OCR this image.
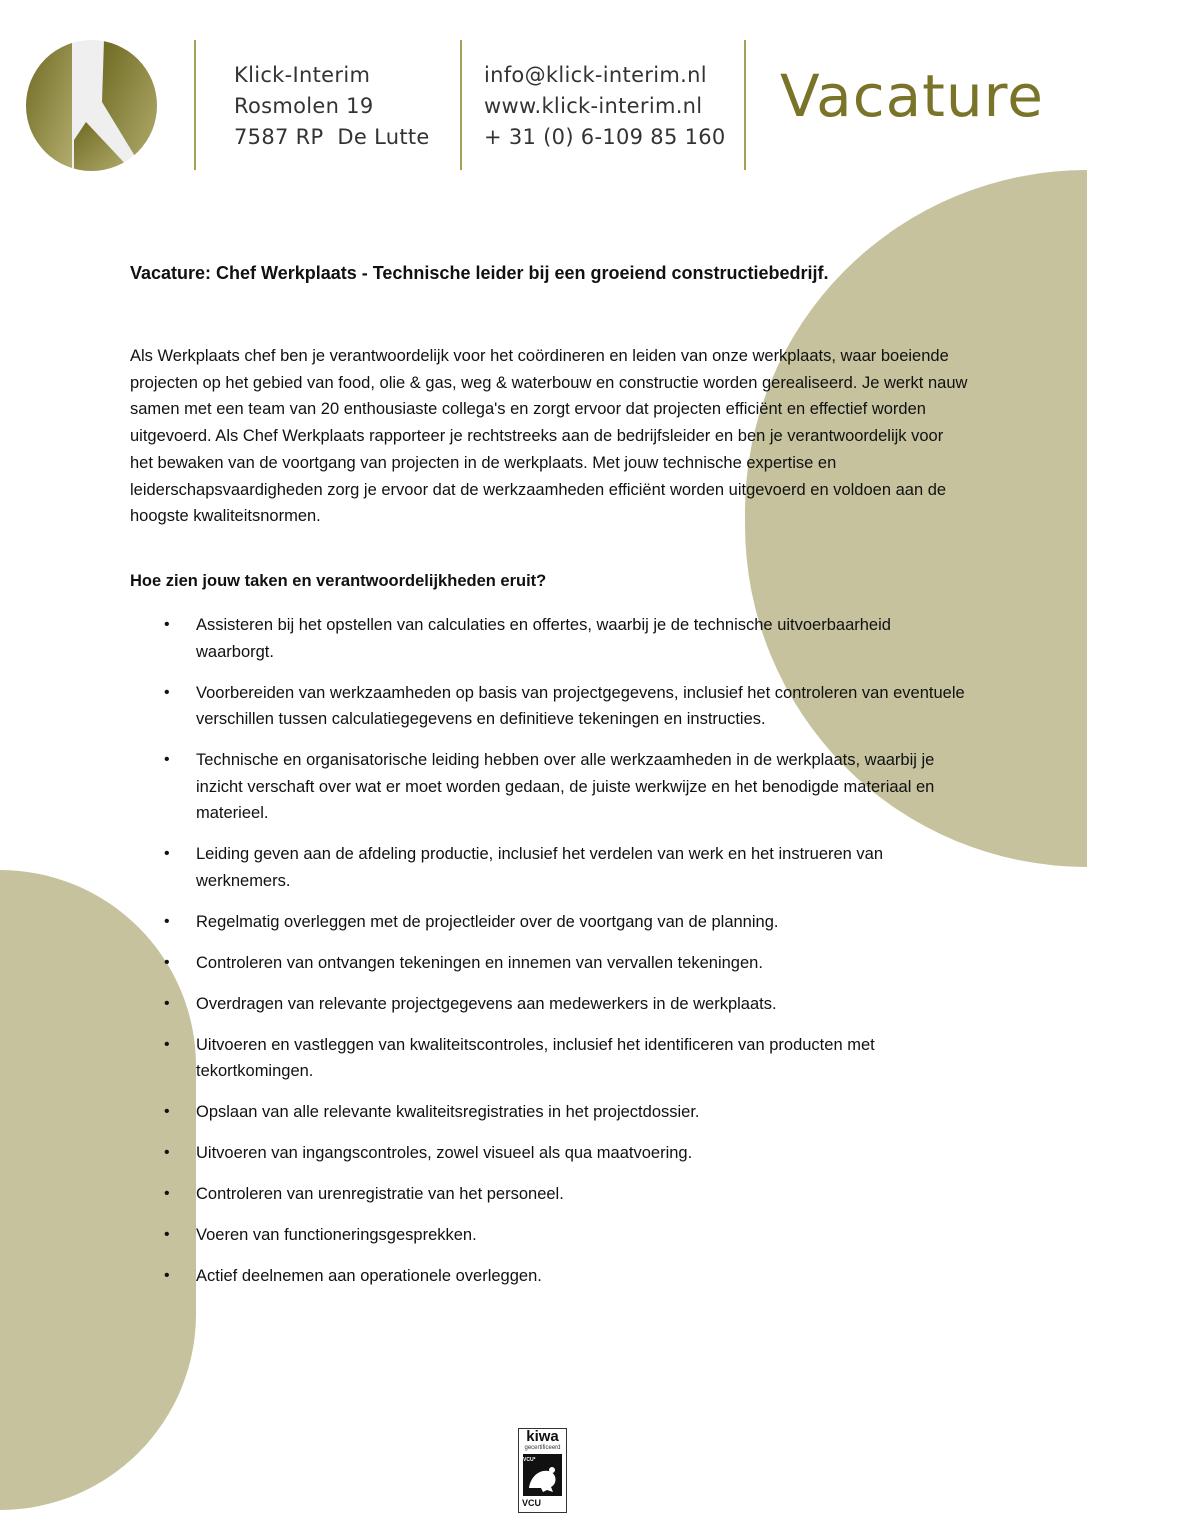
Klick-Interim
Rosmolen 19
7587 RP  De Lutte
info@klick-interim.nl
www.klick-interim.nl
+ 31 (0) 6-109 85 160
Vacature
Vacature: Chef Werkplaats - Technische leider bij een groeiend constructiebedrijf.
Als Werkplaats chef ben je verantwoordelijk voor het coördineren en leiden van onze werkplaats, waar boeiende projecten op het gebied van food, olie & gas, weg & waterbouw en constructie worden gerealiseerd. Je werkt nauw samen met een team van 20 enthousiaste collega's en zorgt ervoor dat projecten efficiënt en effectief worden uitgevoerd. Als Chef Werkplaats rapporteer je rechtstreeks aan de bedrijfsleider en ben je verantwoordelijk voor het bewaken van de voortgang van projecten in de werkplaats. Met jouw technische expertise en leiderschapsvaardigheden zorg je ervoor dat de werkzaamheden efficiënt worden uitgevoerd en voldoen aan de hoogste kwaliteitsnormen.
Hoe zien jouw taken en verantwoordelijkheden eruit?
• Assisteren bij het opstellen van calculaties en offertes, waarbij je de technische uitvoerbaarheid waarborgt.
• Voorbereiden van werkzaamheden op basis van projectgegevens, inclusief het controleren van eventuele verschillen tussen calculatiegegevens en definitieve tekeningen en instructies.
• Technische en organisatorische leiding hebben over alle werkzaamheden in de werkplaats, waarbij je inzicht verschaft over wat er moet worden gedaan, de juiste werkwijze en het benodigde materiaal en materieel.
• Leiding geven aan de afdeling productie, inclusief het verdelen van werk en het instrueren van werknemers.
• Regelmatig overleggen met de projectleider over de voortgang van de planning.
• Controleren van ontvangen tekeningen en innemen van vervallen tekeningen.
• Overdragen van relevante projectgegevens aan medewerkers in de werkplaats.
• Uitvoeren en vastleggen van kwaliteitscontroles, inclusief het identificeren van producten met tekortkomingen.
• Opslaan van alle relevante kwaliteitsregistraties in het projectdossier.
• Uitvoeren van ingangscontroles, zowel visueel als qua maatvoering.
• Controleren van urenregistratie van het personeel.
• Voeren van functioneringsgesprekken.
• Actief deelnemen aan operationele overleggen.
kiwa
gecertificeerd
VCU*
VCU
